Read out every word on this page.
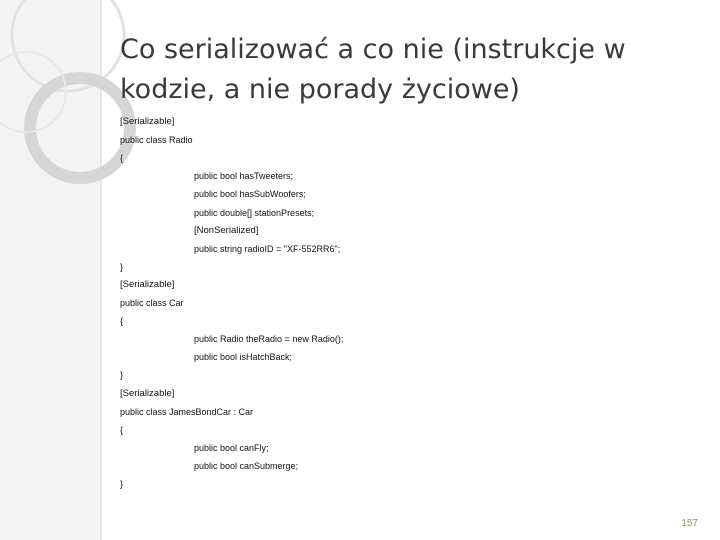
Co serializować a co nie (instrukcje w kodzie, a nie porady życiowe)
[Serializable]
public class Radio
{
public bool hasTweeters;
public bool hasSubWoofers;
public double[] stationPresets;
[NonSerialized]
public string radioID = "XF-552RR6";
}
[Serializable]
public class Car
{
public Radio theRadio = new Radio();
public bool isHatchBack;
}
[Serializable]
public class JamesBondCar : Car
{
public bool canFly;
public bool canSubmerge;
}
157
